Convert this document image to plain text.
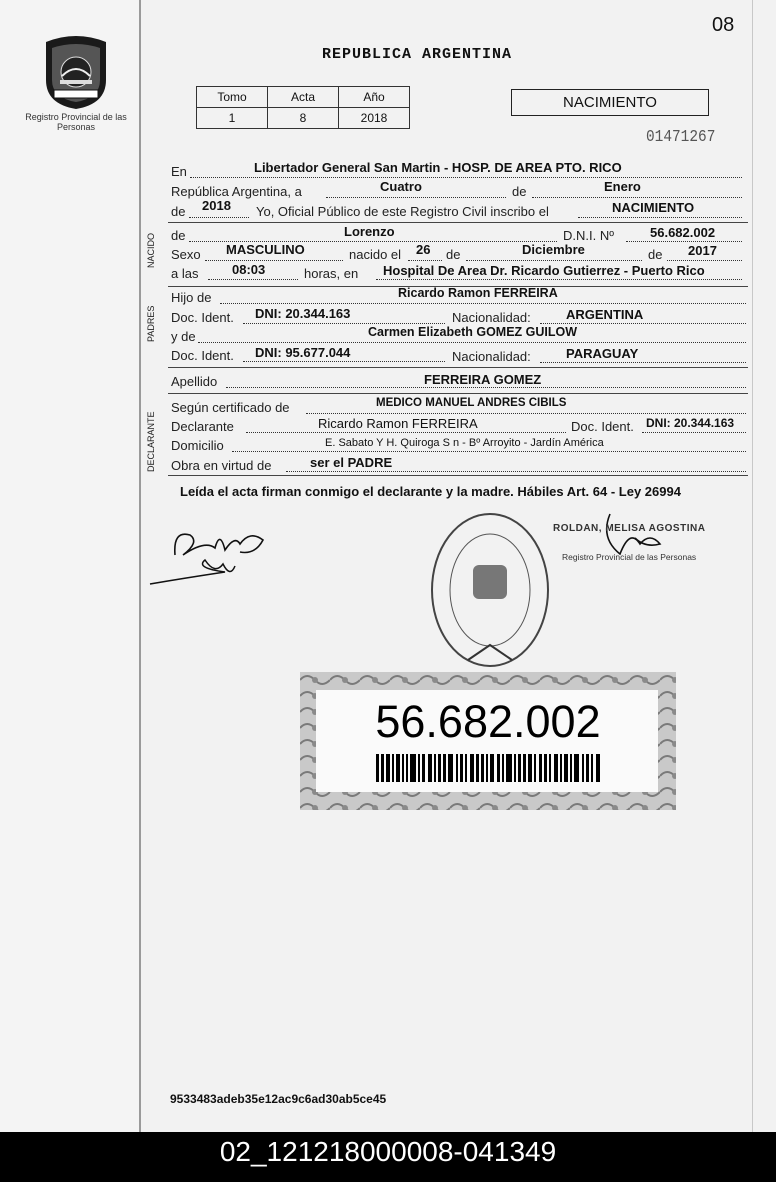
Registro Provincial de las Personas
08
REPUBLICA ARGENTINA
Tomo	Acta	Año
1	8	2018
NACIMIENTO
01471267
En	Libertador General San Martin - HOSP. DE AREA PTO. RICO
República Argentina, a	Cuatro	de	Enero
de 2018 Yo, Oficial Público de este Registro Civil inscribo el	NACIMIENTO
NACIDO de	Lorenzo	D.N.I. Nº	56.682.002
Sexo MASCULINO	nacido el 26 de	Diciembre	de 2017
a las	08:03	horas, en Hospital De Area Dr. Ricardo Gutierrez - Puerto Rico
PADRES
Hijo de	Ricardo Ramon FERREIRA
Doc. Ident. DNI: 20.344.163	Nacionalidad:	ARGENTINA
y de	Carmen Elizabeth GOMEZ GUILOW
Doc. Ident. DNI: 95.677.044	Nacionalidad:	PARAGUAY
Apellido	FERREIRA GOMEZ
DECLARANTE
Según certificado de	MEDICO MANUEL ANDRES CIBILS
Declarante	Ricardo Ramon FERREIRA	Doc. Ident. DNI: 20.344.163
Domicilio	E. Sabato Y H. Quiroga S n - Bº Arroyito - Jardín América
Obra en virtud de	ser el PADRE
Leída el acta firman conmigo el declarante y la madre. Hábiles Art. 64 - Ley 26994
ROLDAN, MELISA AGOSTINA
Registro Provincial de las Personas
56.682.002
9533483adeb35e12ac9c6ad30ab5ce45
02_121218000008-041349
